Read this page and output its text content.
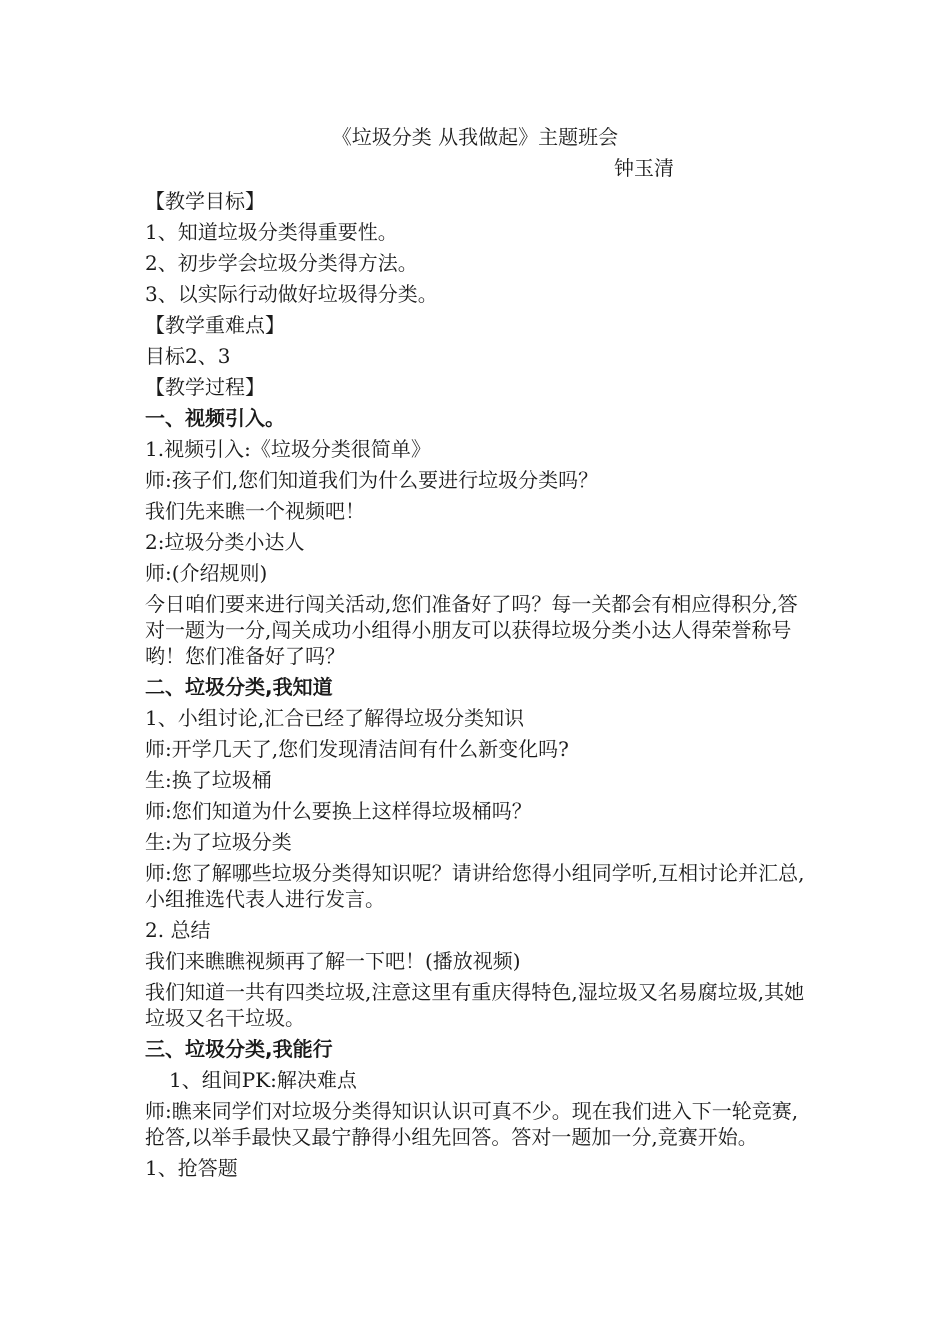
《垃圾分类 从我做起》主题班会
钟玉清

【教学目标】

1、知道垃圾分类得重要性。

2、初步学会垃圾分类得方法。

3、以实际行动做好垃圾得分类。

【教学重难点】

目标2、3

【教学过程】

一、视频引入。

1.视频引入:《垃圾分类很简单》

师:孩子们,您们知道我们为什么要进行垃圾分类吗？

我们先来瞧一个视频吧！

2:垃圾分类小达人

师:(介绍规则)

今日咱们要来进行闯关活动,您们准备好了吗？每一关都会有相应得积分,答对一题为一分,闯关成功小组得小朋友可以获得垃圾分类小达人得荣誉称号哟！您们准备好了吗？

二、垃圾分类,我知道

1、小组讨论,汇合已经了解得垃圾分类知识

师:开学几天了,您们发现清洁间有什么新变化吗?

生:换了垃圾桶

师:您们知道为什么要换上这样得垃圾桶吗？

生:为了垃圾分类

师:您了解哪些垃圾分类得知识呢？请讲给您得小组同学听,互相讨论并汇总,小组推选代表人进行发言。

2. 总结

我们来瞧瞧视频再了解一下吧！(播放视频)

我们知道一共有四类垃圾,注意这里有重庆得特色,湿垃圾又名易腐垃圾,其她垃圾又名干垃圾。

三、垃圾分类,我能行

1、组间PK:解决难点

师:瞧来同学们对垃圾分类得知识认识可真不少。现在我们进入下一轮竞赛,抢答,以举手最快又最宁静得小组先回答。答对一题加一分,竞赛开始。

1、抢答题
